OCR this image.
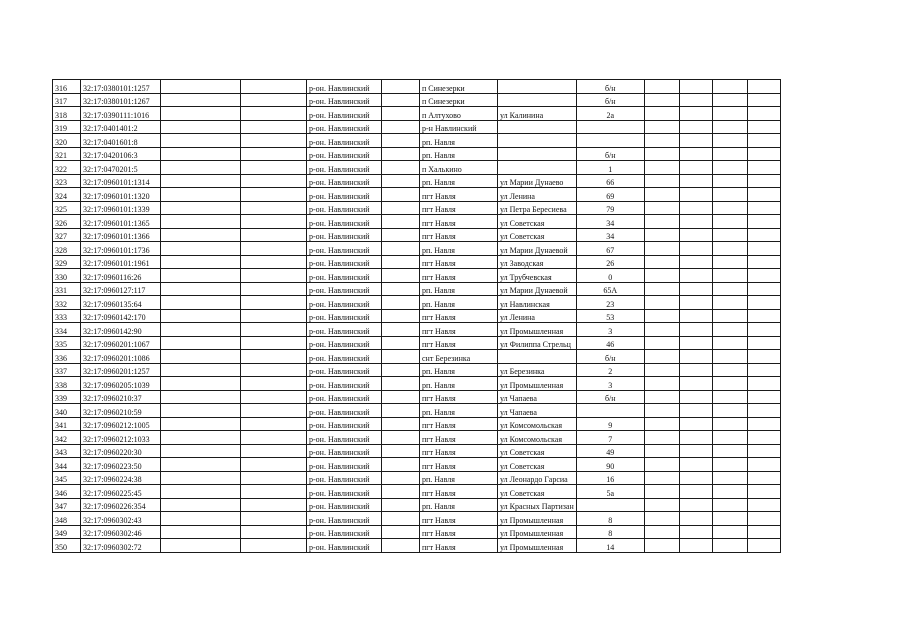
316	32:17:0380101:1257			р-он. Навлинский		п Синезерки		б/н				
317	32:17:0380101:1267			р-он. Навлинский		п Синезерки		б/н				
318	32:17:0390111:1016			р-он. Навлинский		п Алтухово	ул Калинина	2а				
319	32:17:0401401:2			р-он. Навлинский		р-н Навлинский						
320	32:17:0401601:8			р-он. Навлинский		рп. Навля						
321	32:17:0420106:3			р-он. Навлинский		рп. Навля		б/н				
322	32:17:0470201:5			р-он. Навлинский		п Халькино		1				
323	32:17:0960101:1314			р-он. Навлинский		рп. Навля	ул Марии Дунаево	66				
324	32:17:0960101:1320			р-он. Навлинский		пгт Навля	ул Ленина	69				
325	32:17:0960101:1339			р-он. Навлинский		пгт Навля	ул Петра Бересиева	79				
326	32:17:0960101:1365			р-он. Навлинский		пгт Навля	ул Советская	34				
327	32:17:0960101:1366			р-он. Навлинский		пгт Навля	ул Советская	34				
328	32:17:0960101:1736			р-он. Навлинский		рп. Навля	ул Марии Дунаевой	67				
329	32:17:0960101:1961			р-он. Навлинский		пгт Навля	ул Заводская	26				
330	32:17:0960116:26			р-он. Навлинский		пгт Навля	ул Трубчевская	0				
331	32:17:0960127:117			р-он. Навлинский		рп. Навля	ул Марии Дунаевой	65А				
332	32:17:0960135:64			р-он. Навлинский		рп. Навля	ул Навлинская	23				
333	32:17:0960142:170			р-он. Навлинский		пгт Навля	ул Ленина	53				
334	32:17:0960142:90			р-он. Навлинский		пгт Навля	ул Промышленная	3				
335	32:17:0960201:1067			р-он. Навлинский		пгт Навля	ул Филиппа Стрельц	46				
336	32:17:0960201:1086			р-он. Навлинский		снт Березинка		б/н				
337	32:17:0960201:1257			р-он. Навлинский		рп. Навля	ул Березинка	2				
338	32:17:0960205:1039			р-он. Навлинский		рп. Навля	ул Промышленная	3				
339	32:17:0960210:37			р-он. Навлинский		пгт Навля	ул Чапаева	б/н				
340	32:17:0960210:59			р-он. Навлинский		рп. Навля	ул Чапаева					
341	32:17:0960212:1005			р-он. Навлинский		пгт Навля	ул Комсомольская	9				
342	32:17:0960212:1033			р-он. Навлинский		пгт Навля	ул Комсомольская	7				
343	32:17:0960220:30			р-он. Навлинский		пгт Навля	ул Советская	49				
344	32:17:0960223:50			р-он. Навлинский		пгт Навля	ул Советская	90				
345	32:17:0960224:38			р-он. Навлинский		рп. Навля	ул Леонардо Гарсиа	16				
346	32:17:0960225:45			р-он. Навлинский		пгт Навля	ул Советская	5а				
347	32:17:0960226:354			р-он. Навлинский		рп. Навля	ул Красных Партизан					
348	32:17:0960302:43			р-он. Навлинский		пгт Навля	ул Промышленная	8				
349	32:17:0960302:46			р-он. Навлинский		пгт Навля	ул Промышленная	8				
350	32:17:0960302:72			р-он. Навлинский		пгт Навля	ул Промышленная	14				
